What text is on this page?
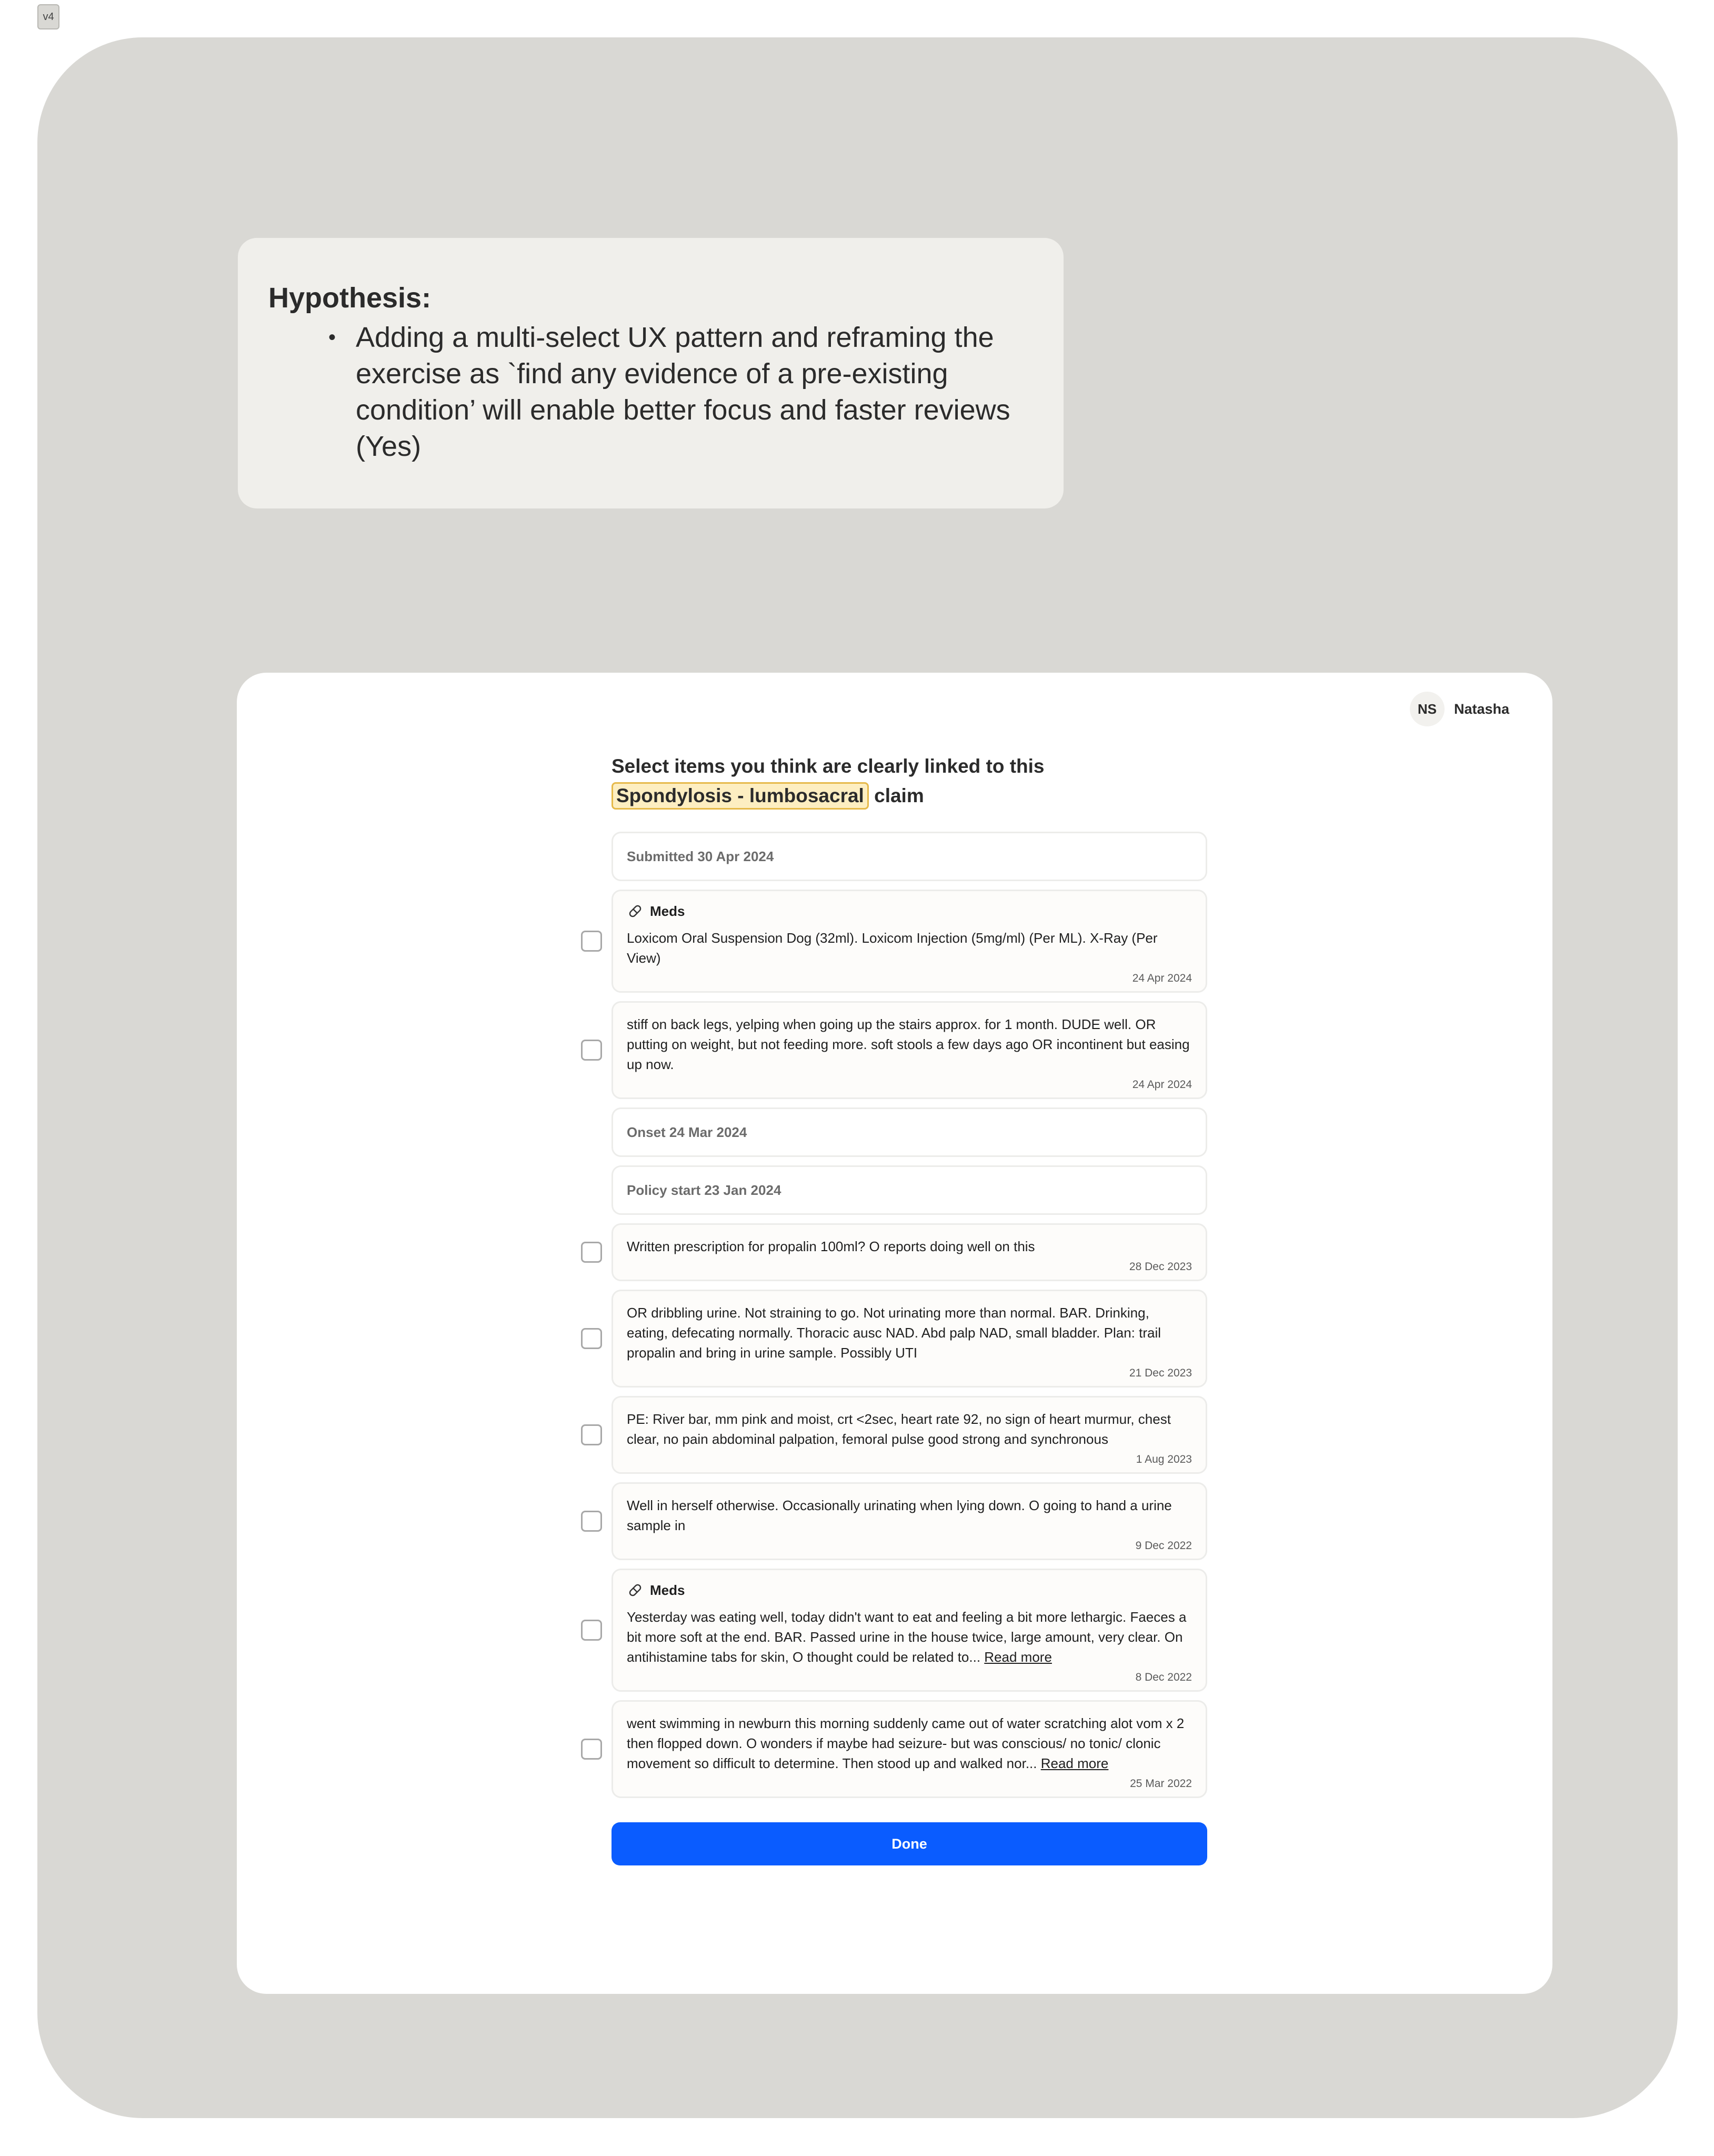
v4
Hypothesis:
• Adding a multi-select UX pattern and reframing the exercise as `find any evidence of a pre-existing condition’ will enable better focus and faster reviews (Yes)
NS	Natasha
Select items you think are clearly linked to this
Spondylosis - lumbosacral claim
Submitted 30 Apr 2024
Meds
Loxicom Oral Suspension Dog (32ml). Loxicom Injection (5mg/ml) (Per ML). X-Ray (Per View)
24 Apr 2024
stiff on back legs, yelping when going up the stairs approx. for 1 month. DUDE well. OR putting on weight, but not feeding more. soft stools a few days ago OR incontinent but easing up now.
24 Apr 2024
Onset 24 Mar 2024
Policy start 23 Jan 2024
Written prescription for propalin 100ml? O reports doing well on this
28 Dec 2023
OR dribbling urine. Not straining to go. Not urinating more than normal. BAR. Drinking, eating, defecating normally. Thoracic ausc NAD. Abd palp NAD, small bladder. Plan: trail propalin and bring in urine sample. Possibly UTI
21 Dec 2023
PE: River bar, mm pink and moist, crt <2sec, heart rate 92, no sign of heart murmur, chest clear, no pain abdominal palpation, femoral pulse good strong and synchronous
1 Aug 2023
Well in herself otherwise. Occasionally urinating when lying down. O going to hand a urine sample in
9 Dec 2022
Meds
Yesterday was eating well, today didn't want to eat and feeling a bit more lethargic. Faeces a bit more soft at the end. BAR. Passed urine in the house twice, large amount, very clear. On antihistamine tabs for skin, O thought could be related to... Read more
8 Dec 2022
went swimming in newburn this morning suddenly came out of water scratching alot vom x 2 then flopped down. O wonders if maybe had seizure- but was conscious/ no tonic/ clonic movement so difficult to determine. Then stood up and walked nor... Read more
25 Mar 2022
Done
